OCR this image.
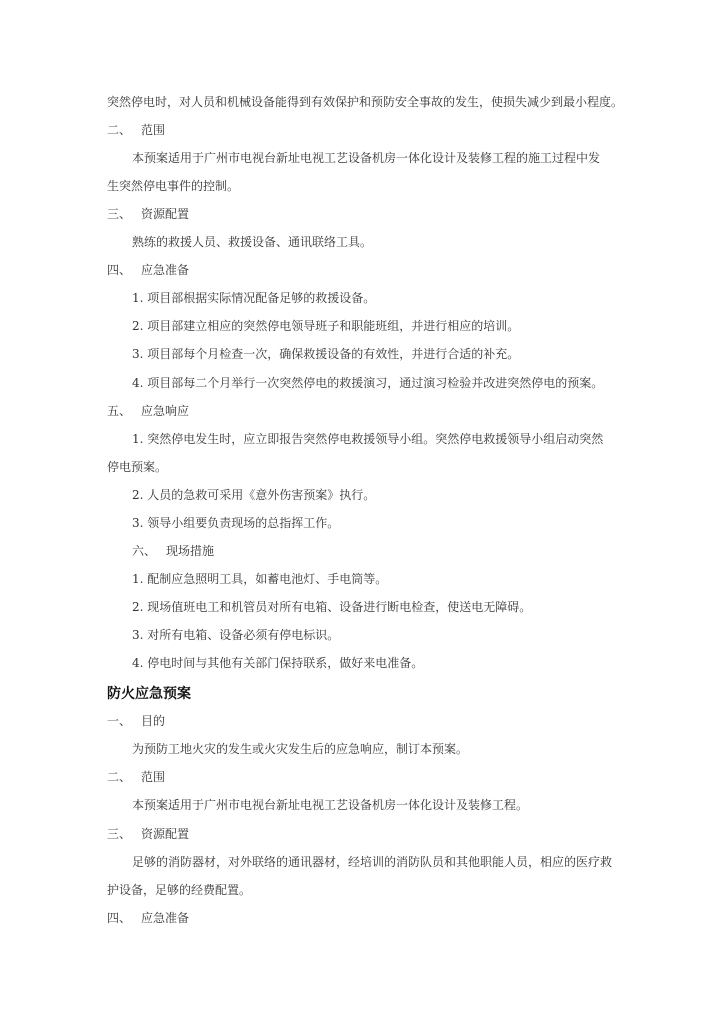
突然停电时，对人员和机械设备能得到有效保护和预防安全事故的发生，使损失减少到最小程度。
二、 范围
本预案适用于广州市电视台新址电视工艺设备机房一体化设计及装修工程的施工过程中发
生突然停电事件的控制。
三、 资源配置
熟练的救援人员、救援设备、通讯联络工具。
四、 应急准备
1. 项目部根据实际情况配备足够的救援设备。
2. 项目部建立相应的突然停电领导班子和职能班组，并进行相应的培训。
3. 项目部每个月检查一次，确保救援设备的有效性，并进行合适的补充。
4. 项目部每二个月举行一次突然停电的救援演习，通过演习检验并改进突然停电的预案。
五、 应急响应
1. 突然停电发生时，应立即报告突然停电救援领导小组。突然停电救援领导小组启动突然
停电预案。
2. 人员的急救可采用《意外伤害预案》执行。
3. 领导小组要负责现场的总指挥工作。
六、 现场措施
1. 配制应急照明工具，如蓄电池灯、手电筒等。
2. 现场值班电工和机管员对所有电箱、设备进行断电检查，使送电无障碍。
3. 对所有电箱、设备必须有停电标识。
4. 停电时间与其他有关部门保持联系，做好来电准备。
防火应急预案
一、 目的
为预防工地火灾的发生或火灾发生后的应急响应，制订本预案。
二、 范围
本预案适用于广州市电视台新址电视工艺设备机房一体化设计及装修工程。
三、 资源配置
足够的消防器材，对外联络的通讯器材，经培训的消防队员和其他职能人员，相应的医疗救
护设备，足够的经费配置。
四、 应急准备
